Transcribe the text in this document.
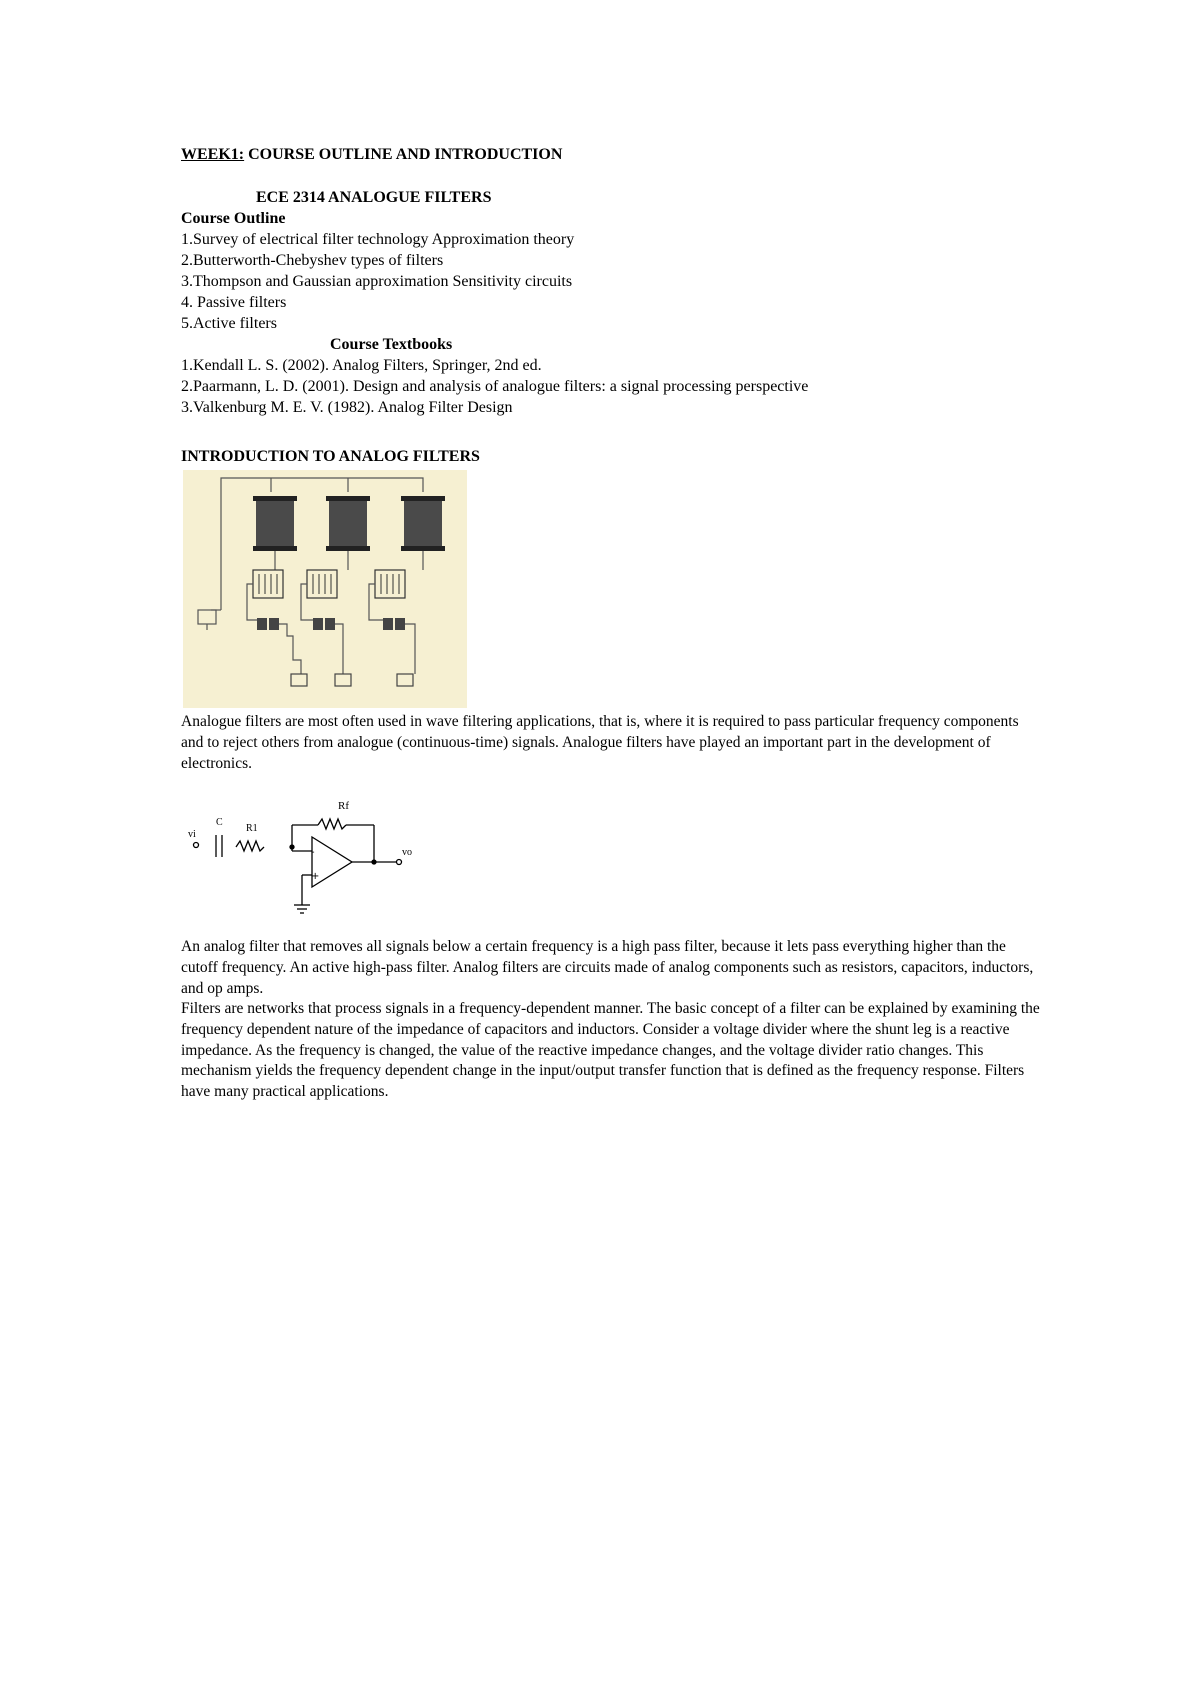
WEEK1: COURSE OUTLINE AND INTRODUCTION
ECE 2314 ANALOGUE FILTERS
Course Outline
1.Survey of electrical filter technology Approximation theory
2.Butterworth-Chebyshev types of filters
3.Thompson and Gaussian approximation Sensitivity circuits
4. Passive filters
5.Active filters
Course Textbooks
1.Kendall L. S. (2002). Analog Filters, Springer, 2nd ed.
2.Paarmann, L. D. (2001). Design and analysis of analogue filters: a signal processing perspective
3.Valkenburg M. E. V. (1982). Analog Filter Design
INTRODUCTION TO ANALOG FILTERS

Analogue filters are most often used in wave filtering applications, that is, where it is required to pass particular frequency components and to reject others from analogue (continuous-time) signals. Analogue filters have played an important part in the development of electronics.

-
+
Rf
C
R1
vi
vo

An analog filter that removes all signals below a certain frequency is a high pass filter, because it lets pass everything higher than the cutoff frequency. An active high-pass filter. Analog filters are circuits made of analog components such as resistors, capacitors, inductors, and op amps.

Filters are networks that process signals in a frequency-dependent manner. The basic concept of a filter can be explained by examining the frequency dependent nature of the impedance of capacitors and inductors. Consider a voltage divider where the shunt leg is a reactive impedance. As the frequency is changed, the value of the reactive impedance changes, and the voltage divider ratio changes. This mechanism yields the frequency dependent change in the input/output transfer function that is defined as the frequency response. Filters have many practical applications.
